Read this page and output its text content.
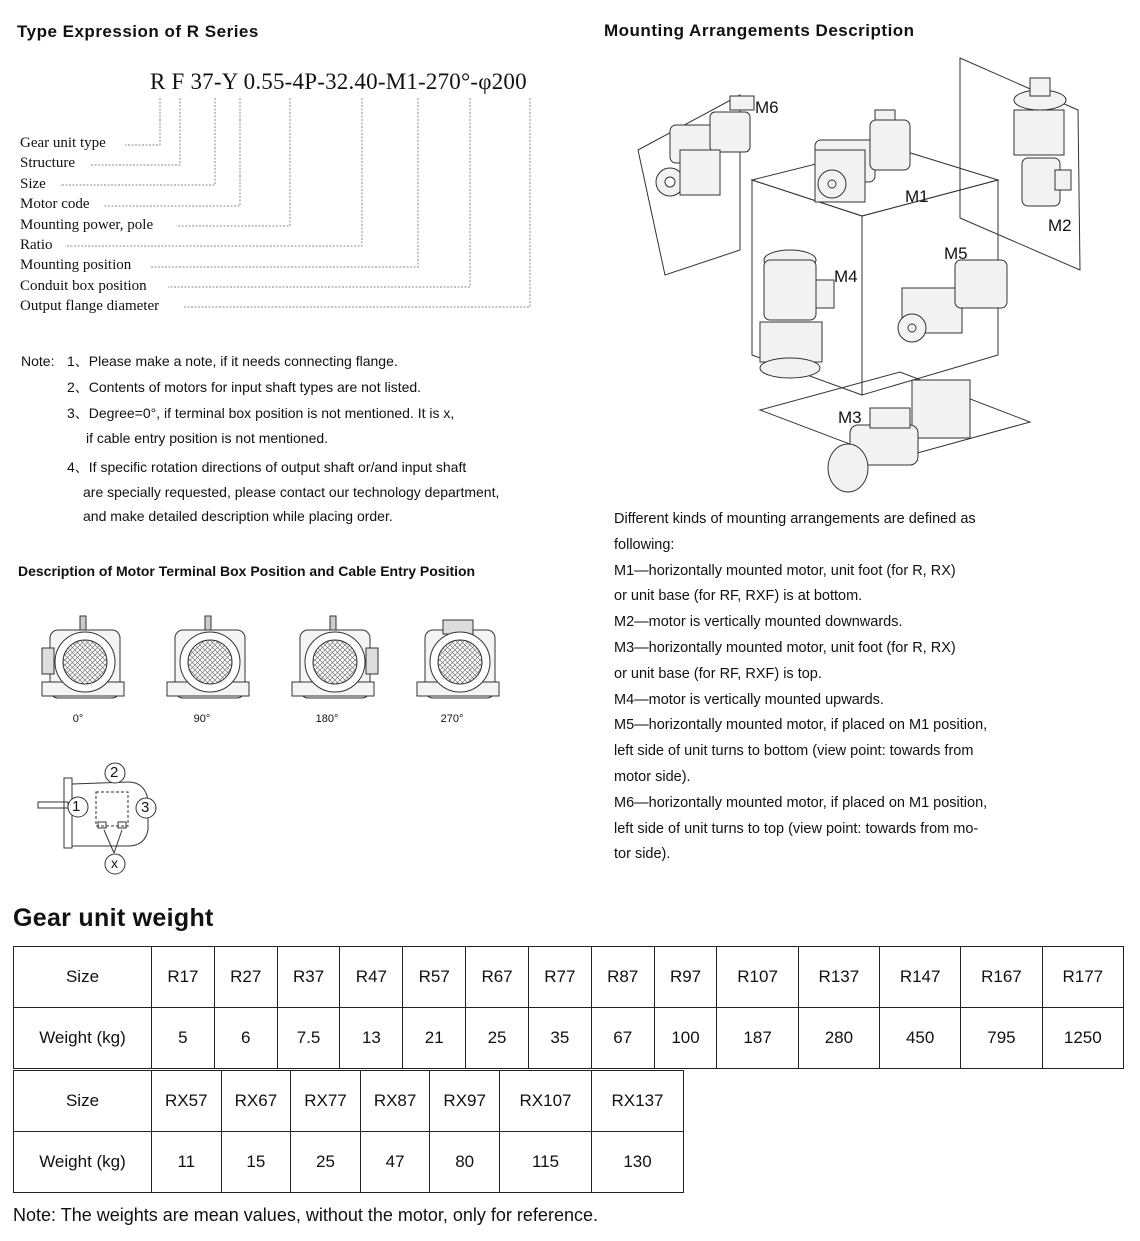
Type Expression of R Series
R F 37-Y 0.55-4P-32.40-M1-270°-φ200
Gear unit type
Structure
Size
Motor code
Mounting power, pole
Ratio
Mounting position
Conduit box position
Output flange diameter
Note: 1、Please make a note, if it needs connecting flange.
2、Contents of motors for input shaft types are not listed.
3、Degree=0°, if terminal box position is not mentioned. It is x,
if cable entry position is not mentioned.
4、If specific rotation directions of output shaft or/and input shaft
are specially requested, please contact our technology department,
and make detailed description while placing order.
Description of Motor Terminal Box Position and Cable Entry Position
0°	90°	180°	270°
1
2
3
x
Mounting Arrangements Description
M6
M1
M2
M4
M5
M3
Different kinds of mounting arrangements are defined as
following:
M1—horizontally mounted motor, unit foot (for R, RX)
or unit base (for RF, RXF) is at bottom.
M2—motor is vertically mounted downwards.
M3—horizontally mounted motor, unit foot (for R, RX)
or unit base (for RF, RXF) is top.
M4—motor is vertically mounted upwards.
M5—horizontally mounted motor, if placed on M1 position,
left side of unit turns to bottom (view point: towards from
motor side).
M6—horizontally mounted motor, if placed on M1 position,
left side of unit turns to top (view point: towards from mo-
tor side).
Gear unit weight
Size	R17	R27	R37	R47	R57	R67	R77	R87	R97	R107	R137	R147	R167	R177
Weight (kg)	5	6	7.5	13	21	25	35	67	100	187	280	450	795	1250
Size	RX57	RX67	RX77	RX87	RX97	RX107	RX137
Weight (kg)	11	15	25	47	80	115	130
Note: The weights are mean values, without the motor, only for reference.
